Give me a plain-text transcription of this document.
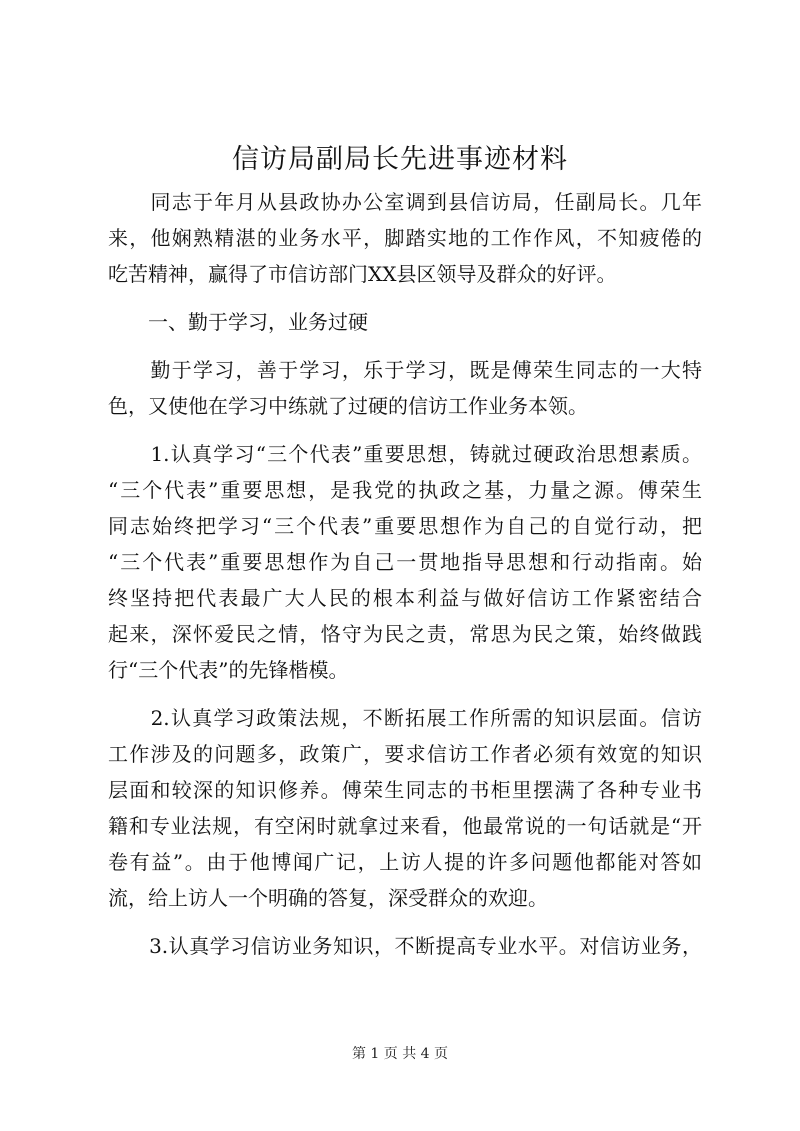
信访局副局长先进事迹材料
　　同志于年月从县政协办公室调到县信访局，任副局长。几年
来，他娴熟精湛的业务水平，脚踏实地的工作作风，不知疲倦的
吃苦精神，赢得了市信访部门XX县区领导及群众的好评。
　　一、勤于学习，业务过硬
　　勤于学习，善于学习，乐于学习，既是傅荣生同志的一大特
色，又使他在学习中练就了过硬的信访工作业务本领。
　　1.认真学习“三个代表”重要思想，铸就过硬政治思想素质。
“三个代表”重要思想，是我党的执政之基，力量之源。傅荣生
同志始终把学习“三个代表”重要思想作为自己的自觉行动，把
“三个代表”重要思想作为自己一贯地指导思想和行动指南。始
终坚持把代表最广大人民的根本利益与做好信访工作紧密结合
起来，深怀爱民之情，恪守为民之责，常思为民之策，始终做践
行“三个代表”的先锋楷模。
　　2.认真学习政策法规，不断拓展工作所需的知识层面。信访
工作涉及的问题多，政策广，要求信访工作者必须有效宽的知识
层面和较深的知识修养。傅荣生同志的书柜里摆满了各种专业书
籍和专业法规，有空闲时就拿过来看，他最常说的一句话就是“开
卷有益”。由于他博闻广记，上访人提的许多问题他都能对答如
流，给上访人一个明确的答复，深受群众的欢迎。
　　3.认真学习信访业务知识，不断提高专业水平。对信访业务，
第 1 页 共 4 页
